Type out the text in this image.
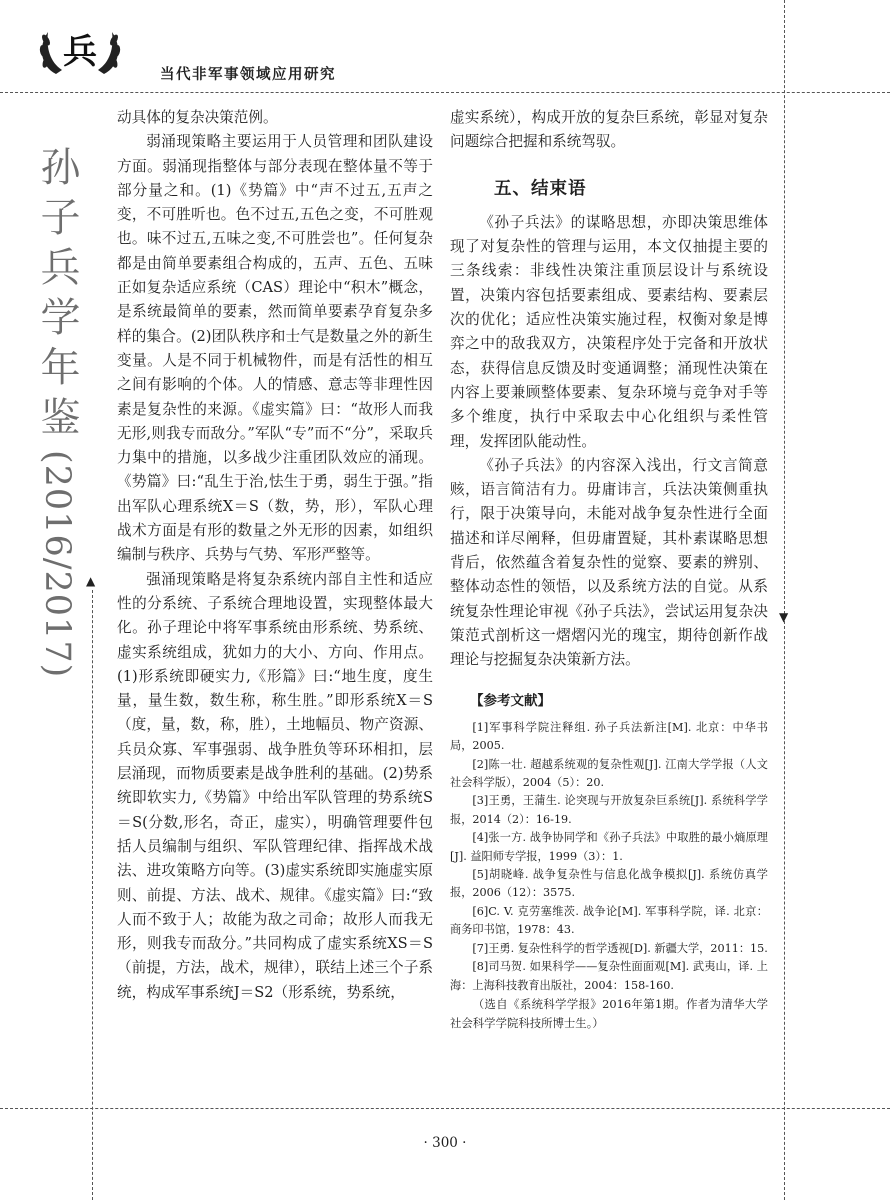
兵
当代非军事领域应用研究
孙子兵学年鉴
(2016/2017) ▲
▼

动具体的复杂决策范例。

弱涌现策略主要运用于人员管理和团队建设方面。弱涌现指整体与部分表现在整体量不等于部分量之和。(1)《势篇》中“声不过五,五声之变，不可胜听也。色不过五,五色之变，不可胜观也。味不过五,五味之变,不可胜尝也”。任何复杂都是由简单要素组合构成的，五声、五色、五味正如复杂适应系统（CAS）理论中“积木”概念，是系统最简单的要素，然而简单要素孕育复杂多样的集合。(2)团队秩序和士气是数量之外的新生变量。人是不同于机械物件，而是有活性的相互之间有影响的个体。人的情感、意志等非理性因素是复杂性的来源。《虚实篇》曰：“故形人而我无形,则我专而敌分。”军队“专”而不“分”，采取兵力集中的措施，以多战少注重团队效应的涌现。《势篇》曰:“乱生于治,怯生于勇，弱生于强。”指出军队心理系统X＝S（数，势，形），军队心理战术方面是有形的数量之外无形的因素，如组织编制与秩序、兵势与气势、军形严整等。

强涌现策略是将复杂系统内部自主性和适应性的分系统、子系统合理地设置，实现整体最大化。孙子理论中将军事系统由形系统、势系统、虚实系统组成，犹如力的大小、方向、作用点。(1)形系统即硬实力,《形篇》曰:“地生度，度生量，量生数，数生称，称生胜。”即形系统X＝S（度，量，数，称，胜），土地幅员、物产资源、兵员众寡、军事强弱、战争胜负等环环相扣，层层涌现，而物质要素是战争胜利的基础。(2)势系统即软实力,《势篇》中给出军队管理的势系统S＝S(分数,形名，奇正，虚实），明确管理要件包括人员编制与组织、军队管理纪律、指挥战术战法、进攻策略方向等。(3)虚实系统即实施虚实原则、前提、方法、战术、规律。《虚实篇》曰:“致人而不致于人；故能为敌之司命；故形人而我无形，则我专而敌分。”共同构成了虚实系统XS＝S（前提，方法，战术，规律），联结上述三个子系统，构成军事系统J＝S2（形系统，势系统，

虚实系统），构成开放的复杂巨系统，彰显对复杂问题综合把握和系统驾驭。

五、结束语

《孙子兵法》的谋略思想，亦即决策思维体现了对复杂性的管理与运用，本文仅抽提主要的三条线索：非线性决策注重顶层设计与系统设置，决策内容包括要素组成、要素结构、要素层次的优化；适应性决策实施过程，权衡对象是博弈之中的敌我双方，决策程序处于完备和开放状态，获得信息反馈及时变通调整；涌现性决策在内容上要兼顾整体要素、复杂环境与竞争对手等多个维度，执行中采取去中心化组织与柔性管理，发挥团队能动性。

《孙子兵法》的内容深入浅出，行文言简意赅，语言简洁有力。毋庸讳言，兵法决策侧重执行，限于决策导向，未能对战争复杂性进行全面描述和详尽阐释，但毋庸置疑，其朴素谋略思想背后，依然蕴含着复杂性的觉察、要素的辨别、整体动态性的领悟，以及系统方法的自觉。从系统复杂性理论审视《孙子兵法》，尝试运用复杂决策范式剖析这一熠熠闪光的瑰宝，期待创新作战理论与挖掘复杂决策新方法。

【参考文献】

[1]军事科学院注释组. 孙子兵法新注[M]. 北京：中华书局，2005.

[2]陈一壮. 超越系统观的复杂性观[J]. 江南大学学报（人文社会科学版），2004（5）：20.

[3]王勇，王蒲生. 论突现与开放复杂巨系统[J]. 系统科学学报，2014（2）：16-19.

[4]张一方. 战争协同学和《孙子兵法》中取胜的最小熵原理[J]. 益阳师专学报，1999（3）：1.

[5]胡晓峰. 战争复杂性与信息化战争模拟[J]. 系统仿真学报，2006（12）：3575.

[6]C. V. 克劳塞维茨. 战争论[M]. 军事科学院，译. 北京：商务印书馆，1978：43.

[7]王勇. 复杂性科学的哲学透视[D]. 新疆大学，2011：15.

[8]司马贺. 如果科学——复杂性面面观[M]. 武夷山，译. 上海：上海科技教育出版社，2004：158-160.

（选自《系统科学学报》2016年第1期。作者为清华大学社会科学学院科技所博士生。）

· 300 ·
